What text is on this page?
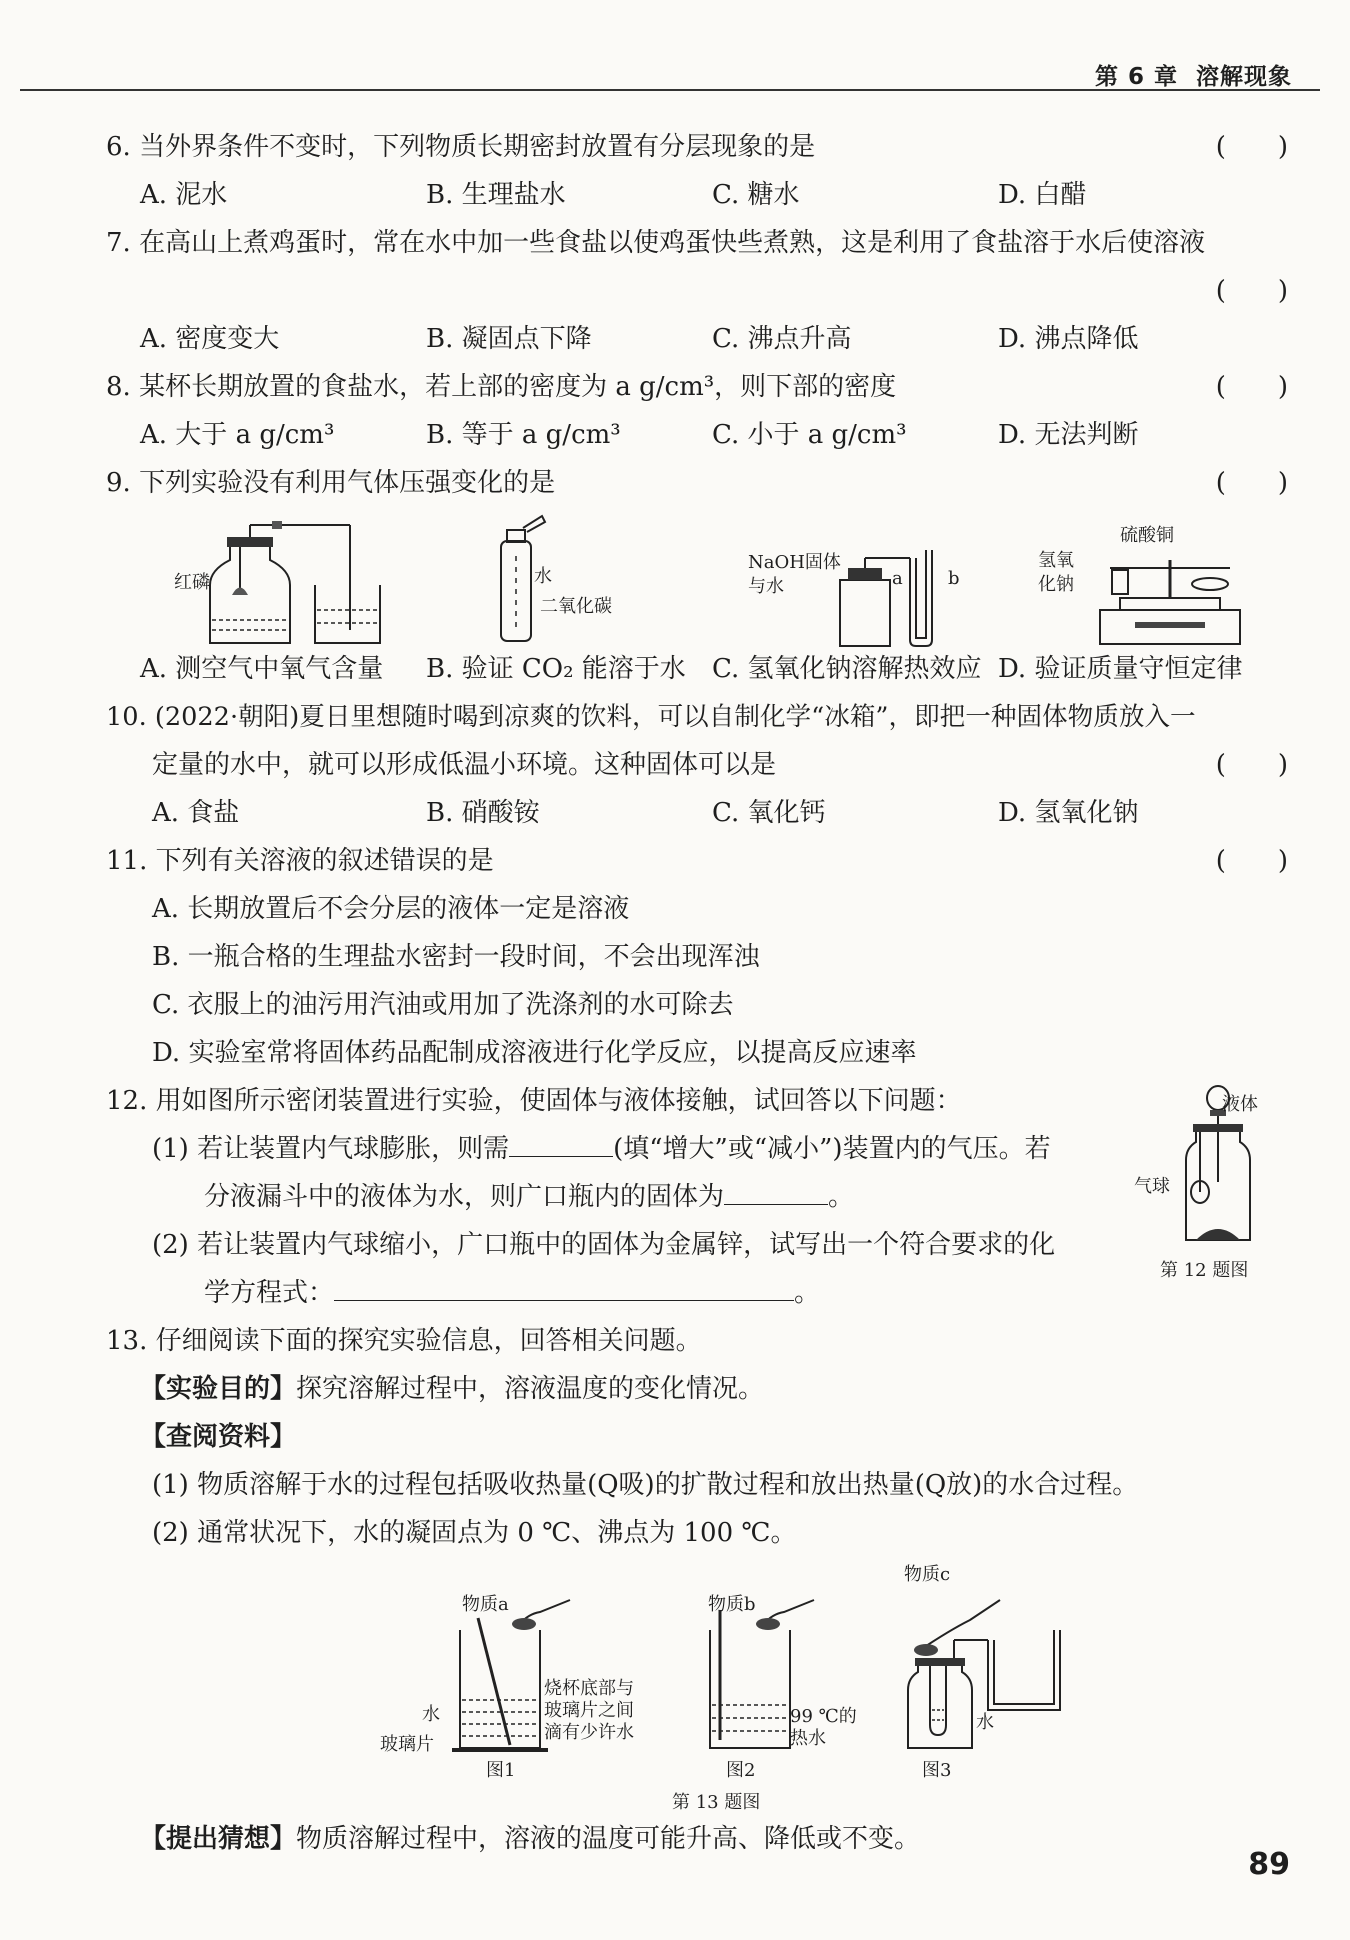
第 6 章 溶解现象
6. 当外界条件不变时，下列物质长期密封放置有分层现象的是	(　　)
A. 泥水	B. 生理盐水	C. 糖水	D. 白醋
7. 在高山上煮鸡蛋时，常在水中加一些食盐以使鸡蛋快些煮熟，这是利用了食盐溶于水后使溶液
(　　)
A. 密度变大	B. 凝固点下降	C. 沸点升高	D. 沸点降低
8. 某杯长期放置的食盐水，若上部的密度为 a g/cm³，则下部的密度	(　　)
A. 大于 a g/cm³	B. 等于 a g/cm³	C. 小于 a g/cm³	D. 无法判断
9. 下列实验没有利用气体压强变化的是	(　　)
红磷	水
二氧化碳
NaOH固体
与水	a	b
硫酸铜
氢氧
化钠
A. 测空气中氧气含量 B. 验证 CO₂ 能溶于水 C. 氢氧化钠溶解热效应 D. 验证质量守恒定律
10. (2022·朝阳)夏日里想随时喝到凉爽的饮料，可以自制化学“冰箱”，即把一种固体物质放入一
定量的水中，就可以形成低温小环境。这种固体可以是	(　　)
A. 食盐	B. 硝酸铵	C. 氧化钙	D. 氢氧化钠
11. 下列有关溶液的叙述错误的是	(　　)
A. 长期放置后不会分层的液体一定是溶液
B. 一瓶合格的生理盐水密封一段时间，不会出现浑浊
C. 衣服上的油污用汽油或用加了洗涤剂的水可除去
D. 实验室常将固体药品配制成溶液进行化学反应，以提高反应速率
12. 用如图所示密闭装置进行实验，使固体与液体接触，试回答以下问题：
(1) 若让装置内气球膨胀，则需	(填“增大”或“减小”)装置内的气压。若
分液漏斗中的液体为水，则广口瓶内的固体为	。
(2) 若让装置内气球缩小，广口瓶中的固体为金属锌，试写出一个符合要求的化
学方程式：	。
液体
气球
第 12 题图
13. 仔细阅读下面的探究实验信息，回答相关问题。
【实验目的】探究溶解过程中，溶液温度的变化情况。
【查阅资料】
(1) 物质溶解于水的过程包括吸收热量(Q吸)的扩散过程和放出热量(Q放)的水合过程。
(2) 通常状况下，水的凝固点为 0 ℃、沸点为 100 ℃。
物质a	物质b
物质c
水
玻璃片
烧杯底部与
玻璃片之间
滴有少许水
99 ℃的
热水
水
图1	图2	图3
第 13 题图
【提出猜想】物质溶解过程中，溶液的温度可能升高、降低或不变。
89
